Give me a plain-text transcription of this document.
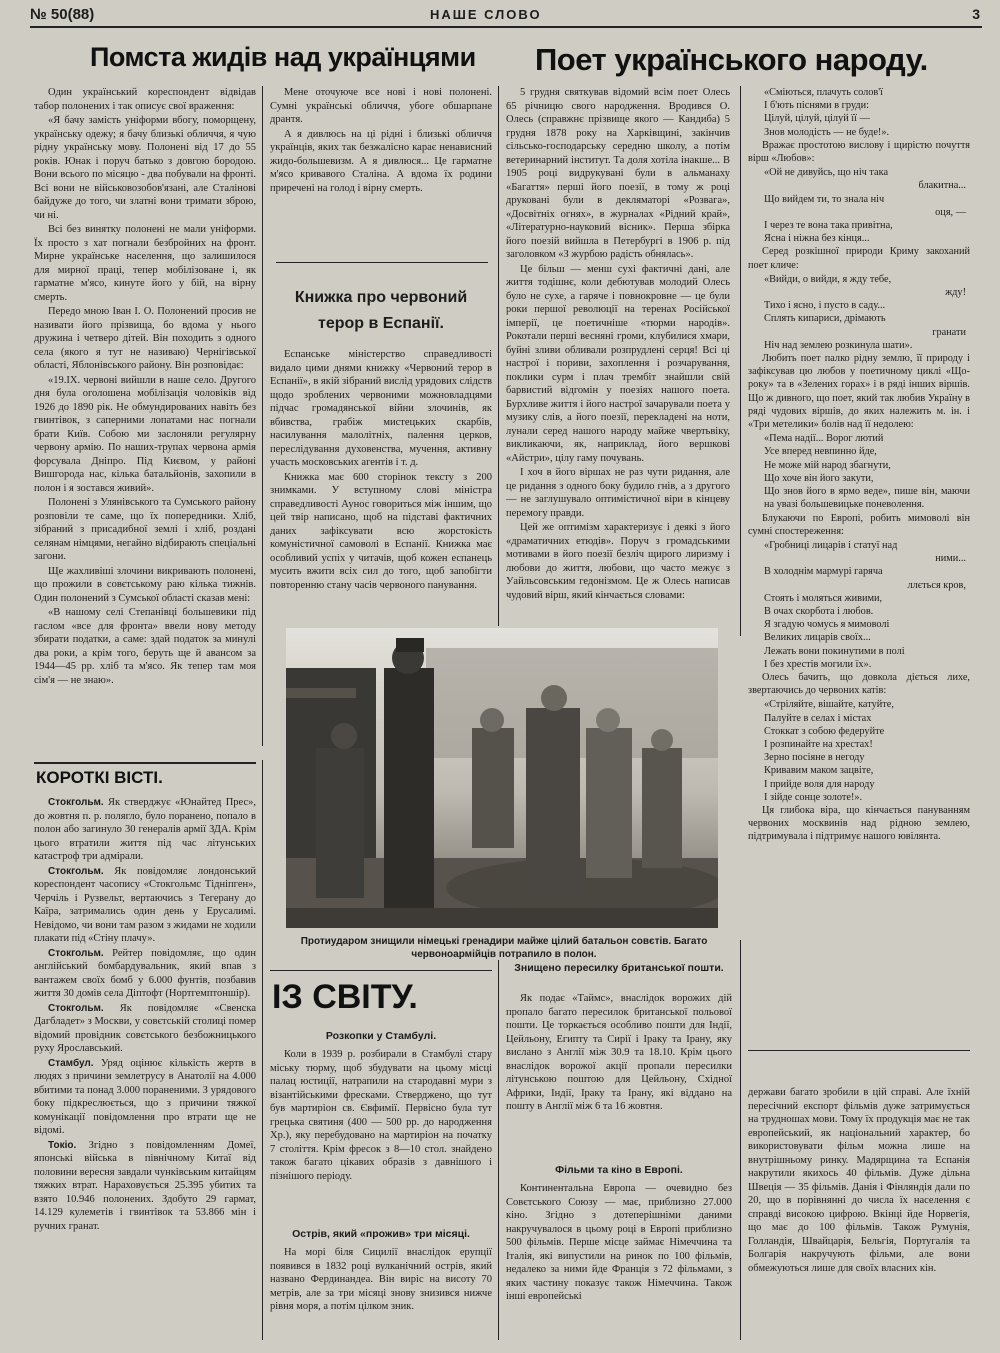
№ 50(88)	НАШЕ СЛОВО	3
Помста жидів над українцями Поет українського народу.

Один український кореспондент відвідав табор полонених і так описує свої враження:

«Я бачу замість уніформи вбогу, поморщену, українську одежу; я бачу близькі обличчя, я чую рідну українську мову. Полонені від 17 до 55 років. Юнак і поруч батько з довгою бородою. Вони всього по місяцю - два побували на фронті. Всі вони не військовозобов'язані, але Сталінові байдуже до того, чи златні вони тримати зброю, чи ні.

Всі без винятку полонені не мали уніформи. Їх просто з хат погнали безбройних на фронт. Мирне українське населення, що залишилося для мирної праці, тепер мобілізоване і, як гарматне м'ясо, кинуте його у бій, на вірну смерть.

Передо мною Іван І. О. Полонений просив не називати його прізвища, бо вдома у нього дружина і четверо дітей. Він походить з одного села (якого я тут не називаю) Чернігівської області, Яблонівського району. Він розповідає:

«19.IX. червоні вийшли в наше село. Другого дня була оголошена мобілізація чоловіків від 1926 до 1890 рік. Не обмундированих навіть без гвинтівок, з саперними лопатами нас погнали брати Київ. Собою ми заслоняли регулярну червону армію. По наших-трупах червона армія форсувала Дніпро. Під Києвом, у районі Вишгорода нас, кілька батальйонів, захопили в полон і я зостався живий».

Полонені з Улянівського та Сумського району розповіли те саме, що їх попередники. Хліб, зібраний з присадибної землі і хліб, роздані селянам німцями, негайно відбирають спеціальні загони.

Ще жахливіші злочини викривають полонені, що прожили в совєтському раю кілька тижнів. Один полонений з Сумської області сказав мені:

«В нашому селі Степанівці большевики під гаслом «все для фронта» ввели нову методу збирати податки, а саме: здай податок за минулі два роки, а крім того, беруть ще й авансом за 1944—45 рр. хліб та м'ясо. Як тепер там моя сім'я — не знаю».

Мене оточуюче все нові і нові полонені. Сумні українські обличчя, убоге обшарпане дрантя.

А я дивлюсь на ці рідні і близькі обличчя українців, яких так безжалісно карає ненависний жидо-большевизм. А я дивлюся... Це гарматне м'ясо кривавого Сталіна. А вдома їх родини приречені на голод і вірну смерть.

Книжка про червоний терор в Еспанії.

Еспанське міністерство справедливості видало цими днями книжку «Червоний терор в Еспанії», в якій зібраний вислід урядових слідств щодо зроблених червоними можновладцями підчас громадянської війни злочинів, як вбивства, грабіж мистецьких скарбів, насилування малолітніх, палення церков, переслідування духовенства, мучення, активну участь московських агентів і т. д.

Книжка має 600 сторінок тексту з 200 знимками. У вступному слові міністра справедливості Аунос говориться між іншим, що цей твір написано, щоб на підставі фактичних даних зафіксувати всю жорстокість комуністичної самоволі в Еспанії. Книжка має особливий успіх у читачів, щоб кожен еспанець мусить вжити всіх сил до того, щоб запобігти повторенню стану часів червоного панування.

5 грудня святкував відомий всім поет Олесь 65 річницю свого народження. Вродився О. Олесь (справжнє прізвище якого — Кандиба) 5 грудня 1878 року на Харківщині, закінчив сільсько-господарську середню школу, а потім ветеринарний інститут. Та доля хотіла інакше... В 1905 році видрукувані були в альманаху «Багаття» перші його поезії, в тому ж році друковані були в декляматорі «Розвага», «Досвітніх огнях», в журналах «Рідний край», «Літературно-науковий вісник». Перша збірка його поезій вийшла в Петербургі в 1906 р. під заголовком «З журбою радість обнялась».

Це більш — менш сухі фактичні дані, але життя тодішнє, коли дебютував молодий Олесь було не сухе, а гаряче і повнокровне — це були роки першої революції на теренах Російської імперії, це поетичніше «тюрми народів». Рокотали перші весняні громи, клубилися хмари, буйні зливи обливали розпрудлені серця! Всі ці настрої і пориви, захоплення і розчарування, поклики сурм і плач трембіт знайшли свій барвистий відгомін у поезіях нашого поета. Бурхливе життя і його настрої зачарували поета у музику слів, а його поезії, перекладені на ноти, лунали серед нашого народу майже чвертьвіку, викликаючи, як, наприклад, його вершкові «Айстри», цілу гаму почувань.

І хоч в його віршах не раз чути ридання, але це ридання з одного боку будило гнів, а з другого — не заглушувало оптимістичної віри в кінцеву перемогу правди.

Цей же оптимізм характеризує і деякі з його «драматичних етюдів». Поруч з громадськими мотивами в його поезії безліч щирого лиризму і любови до життя, любови, що часто межує з Уайльсовським гедонізмом. Це ж Олесь написав чудовий вірш, який кінчається словами:

«Сміються, плачуть солов'ї

І б'ють піснями в груди:

Цілуй, цілуй, цілуй її —

Знов молодість — не буде!».

Вражає простотою вислову і щирістю почуття вірш «Любов»:

«Ой не дивуйсь, що ніч така

блакитна...

Що вийдем ти, то знала ніч

оця, —

І через те вона така привітна,

Ясна і ніжна без кінця...

Серед розкішної природи Криму закоханий поет кличе:

«Вийди, о вийди, я жду тебе,

жду!

Тихо і ясно, і пусто в саду...

Сплять кипариси, дрімають

гранати

Ніч над землею розкинула шати».

Любить поет палко рідну землю, її природу і зафіксував цю любов у поетичному циклі «Що-року» та в «Зелених горах» і в ряді інших віршів. Що ж дивного, що поет, який так любив Україну в ряді чудових віршів, до яких належить м. ін. і «Три метелики» болів над її недолею:

«Пема надії... Ворог лютий

Усе вперед невпинно йде,

Не може мій народ збагнути,

Що хоче він його закути,

Що знов його в ярмо веде», пише він, маючи на увазі большевицьке поневолення.

Блукаючи по Европі, робить мимоволі він сумні спостереження:

«Гробниці лицарів і статуї над

ними...

В холоднім мармурі гаряча

ллється кров,

Стоять і моляться живими,

В очах скорбота і любов.

Я згадую чомусь я мимоволі

Великих лицарів своїх...

Лежать вони покинутими в полі

І без хрестів могили їх».

Олесь бачить, що довкола діється лихе, звертаючись до червоних катів:

«Стріляйте, вішайте, катуйте,

Палуйте в селах і містах

Стоккат з собою федеруйте

І розпинайте на хрестах!

Зерно посіяне в негоду

Кривавим маком зацвіте,

І прийде воля для народу

І зійде сонце золоте!».

Ця глибока віра, що кінчається пануванням червоних москвинів над рідною землею, підтримувала і підтримує нашого ювілянта.

Протиударом знищили німецькі гренадири майже цілий батальон совєтів. Багато червоноармійців потрапило в полон.
КОРОТКІ ВІСТІ.

Стокгольм. Як стверджує «Юнайтед Прес», до жовтня п. р. полягло, було поранено, попало в полон або загинуло 30 генералів армії ЗДА. Крім цього втратили життя під час літунських катастроф три адмірали.

Стокгольм. Як повідомляє лондонський кореспондент часопису «Стокгольмс Тідніпген», Черчіль і Рузвельт, вертаючись з Тегерану до Каїра, затримались один день у Ерусалимі. Невідомо, чи вони там разом з жидами не ходили плакати під «Стіну плачу».

Стокгольм. Рейтер повідомляє, що один англійський бомбардувальник, який впав з вантажем своїх бомб у 6.000 фунтів, позбавив життя 30 домів села Діптофт (Нортгемптоншір).

Стокгольм. Як повідомляє «Свенска Дагбладет» з Москви, у совєтській столиці помер відомий провідник совєтського безбожницького руху Ярославський.

Стамбул. Уряд оцінює кількість жертв в людях з причини землетрусу в Анатолії на 4.000 вбитими та понад 3.000 пораненими. З урядового боку підкреслюється, що з причини тяжкої комунікації повідомлення про втрати ще не відомі.

Токіо. Згідно з повідомленням Домеї, японські війська в північному Китаї від половини вересня завдали чунківським китайцям тяжких втрат. Нараховується 25.395 убитих та взято 10.946 полонених. Здобуто 29 гармат, 14.129 кулеметів і гвинтівок та 53.866 мін і ручних гранат.

ІЗ СВІТУ.
Розкопки у Стамбулі.

Коли в 1939 р. розбирали в Стамбулі стару міську тюрму, щоб збудувати на цьому місці палац юстиції, натрапили на стародавні мури з візантійськими фресками. Стверджено, що тут був мартиріон св. Євфимії. Первісно була тут грецька святиня (400 — 500 рр. до народження Хр.), яку перебудовано на мартиріон на початку 7 століття. Крім фресок з 8—10 стол. знайдено також багато цікавих образів з давнішого і пізнішого періоду.

Острів, який «прожив» три місяці.

На морі біля Сицилії внаслідок ерупції появився в 1832 році вулканічний острів, який названо Фердинандеа. Він виріс на висоту 70 метрів, але за три місяці знову знизився нижче рівня моря, а потім цілком зник.

Знищено пересилку британської пошти.

Як подає «Таймс», внаслідок ворожих дій пропало багато пересилок британської польової пошти. Це торкається особливо пошти для Індії, Цейльону, Египту та Сирії і Іраку та Ірану, яку вислано з Англії між 30.9 та 18.10. Крім цього внаслідок ворожої акції пропали пересилки літунською поштою для Цейльону, Східної Африки, Індії, Іраку та Ірану, які віддано на пошту в Англії між 6 та 16 жовтня.

Фільми та кіно в Европі.

Континентальна Европа — очевидно без Совєтського Союзу — має, приблизно 27.000 кіно. Згідно з дотеперішніми даними накручувалося в цьому році в Европі приблизно 500 фільмів. Перше місце займає Німеччина та Італія, які випустили на ринок по 100 фільмів, недалеко за ними йде Франція з 72 фільмами, з яких частину показує також Німеччина. Також інші европейські

держави багато зробили в цій справі. Але їхній пересічний експорт фільмів дуже затримується на трудношах мови. Тому їх продукція має не так европейський, як національний характер, бо використовувати фільм можна лише на внутрішньому ринку. Мадярщина та Еспанія накрутили якихось 40 фільмів. Дуже дільна Швеція — 35 фільмів. Данія і Фінляндія дали по 20, що в порівнянні до числа їх населення є справді високою цифрою. Вкінці йде Норвегія, що має до 100 фільмів. Також Румунія, Голландія, Швайцарія, Бельгія, Португалія та Болгарія накручують фільми, але вони обмежуються лише для своїх власних кін.
